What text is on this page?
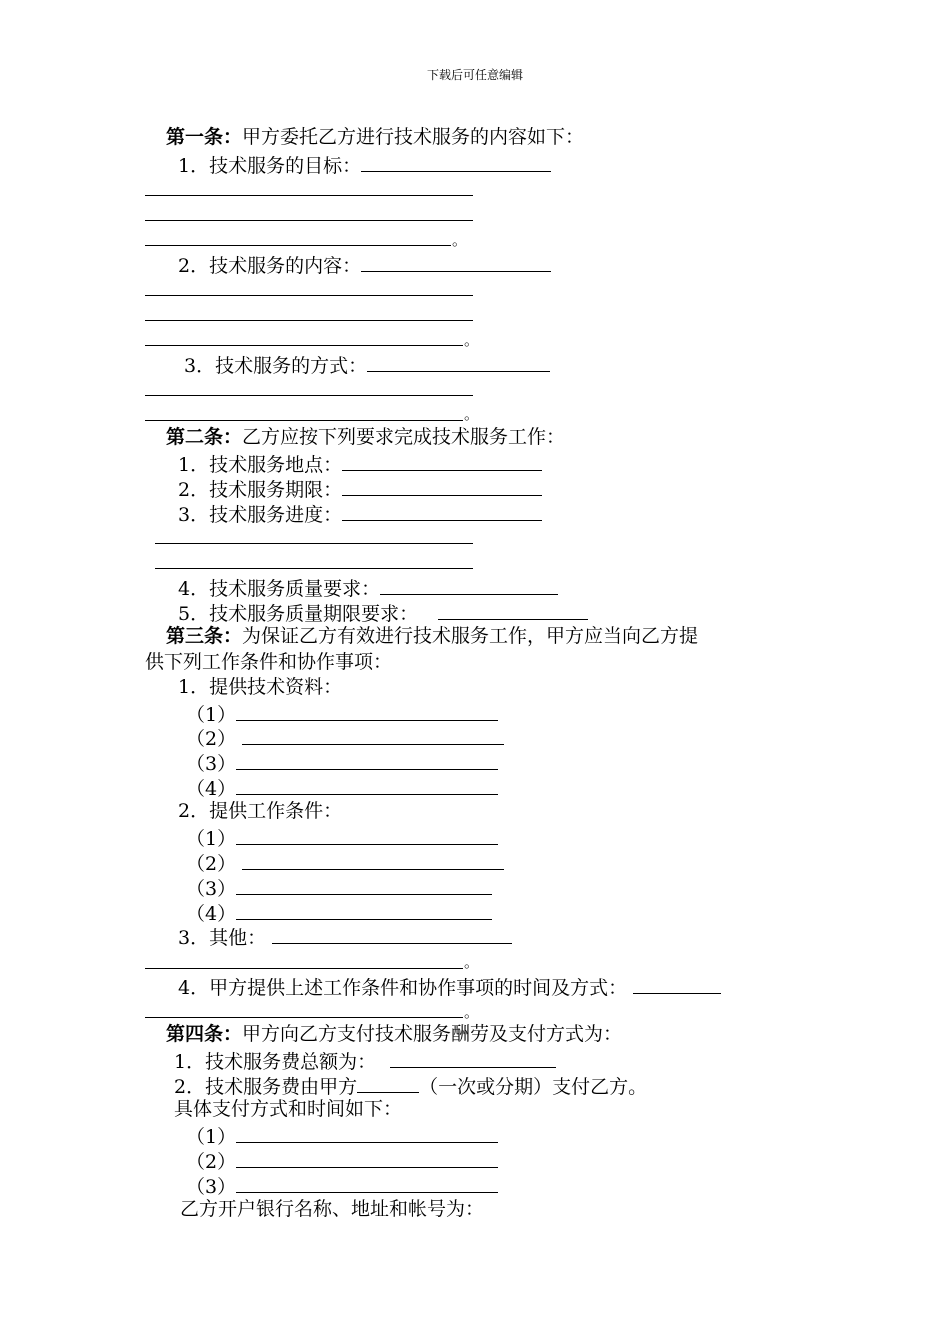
下载后可任意编辑
第一条：甲方委托乙方进行技术服务的内容如下：
1．技术服务的目标：
。
2．技术服务的内容：
。
3．技术服务的方式：
。
第二条：乙方应按下列要求完成技术服务工作：
1．技术服务地点：
2．技术服务期限：
3．技术服务进度：
4．技术服务质量要求：
5．技术服务质量期限要求：
第三条：为保证乙方有效进行技术服务工作，甲方应当向乙方提
供下列工作条件和协作事项：
1．提供技术资料：
（1）
（2）
（3）
（4）
2．提供工作条件：
（1）
（2）
（3）
（4）
3．其他：
。
4．甲方提供上述工作条件和协作事项的时间及方式：
。
第四条：甲方向乙方支付技术服务酬劳及支付方式为：
1．技术服务费总额为：
2．技术服务费由甲方	（一次或分期）支付乙方。
具体支付方式和时间如下：
（1）
（2）
（3）
乙方开户银行名称、地址和帐号为：
